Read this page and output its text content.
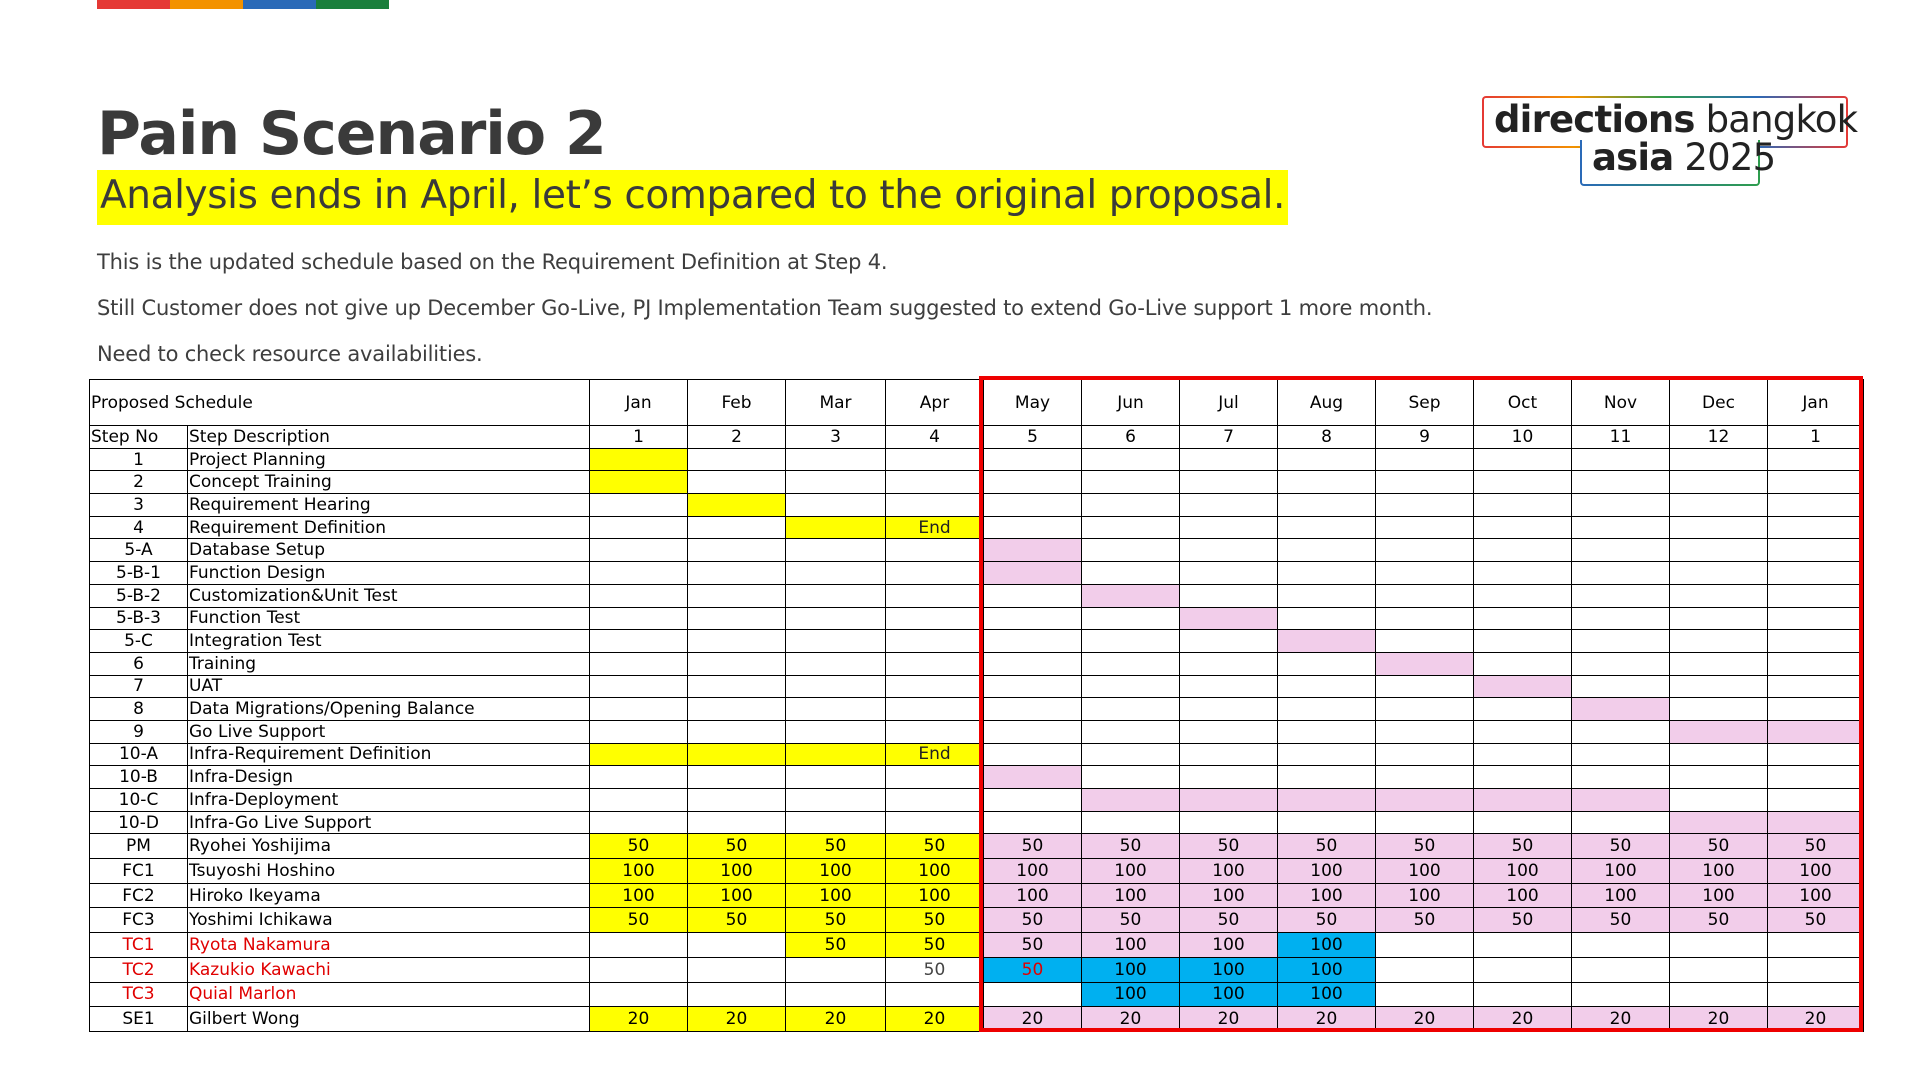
Pain Scenario 2

Analysis ends in April, let’s compared to the original proposal.

This is the updated schedule based on the Requirement Definition at Step 4.

Still Customer does not give up December Go-Live, PJ Implementation Team suggested to extend Go-Live support 1 more month.

Need to check resource availabilities.

directions bangkok
asia 2025
Proposed Schedule		Jan	Feb	Mar	Apr	May	Jun	Jul	Aug	Sep	Oct	Nov	Dec	Jan
Step No	Step Description	1	2	3	4	5	6	7	8	9	10	11	12	1
1	Project Planning													
2	Concept Training													
3	Requirement Hearing													
4	Requirement Definition				End									
5-A	Database Setup													
5-B-1	Function Design													
5-B-2	Customization&Unit Test													
5-B-3	Function Test													
5-C	Integration Test													
6	Training													
7	UAT													
8	Data Migrations/Opening Balance													
9	Go Live Support													
10-A	Infra-Requirement Definition				End									
10-B	Infra-Design													
10-C	Infra-Deployment													
10-D	Infra-Go Live Support													
PM	Ryohei Yoshijima	50	50	50	50	50	50	50	50	50	50	50	50	50
FC1	Tsuyoshi Hoshino	100	100	100	100	100	100	100	100	100	100	100	100	100
FC2	Hiroko Ikeyama	100	100	100	100	100	100	100	100	100	100	100	100	100
FC3	Yoshimi Ichikawa	50	50	50	50	50	50	50	50	50	50	50	50	50
TC1	Ryota Nakamura			50	50	50	100	100	100					
TC2	Kazukio Kawachi				50	50	100	100	100					
TC3	Quial Marlon						100	100	100					
SE1	Gilbert Wong	20	20	20	20	20	20	20	20	20	20	20	20	20
